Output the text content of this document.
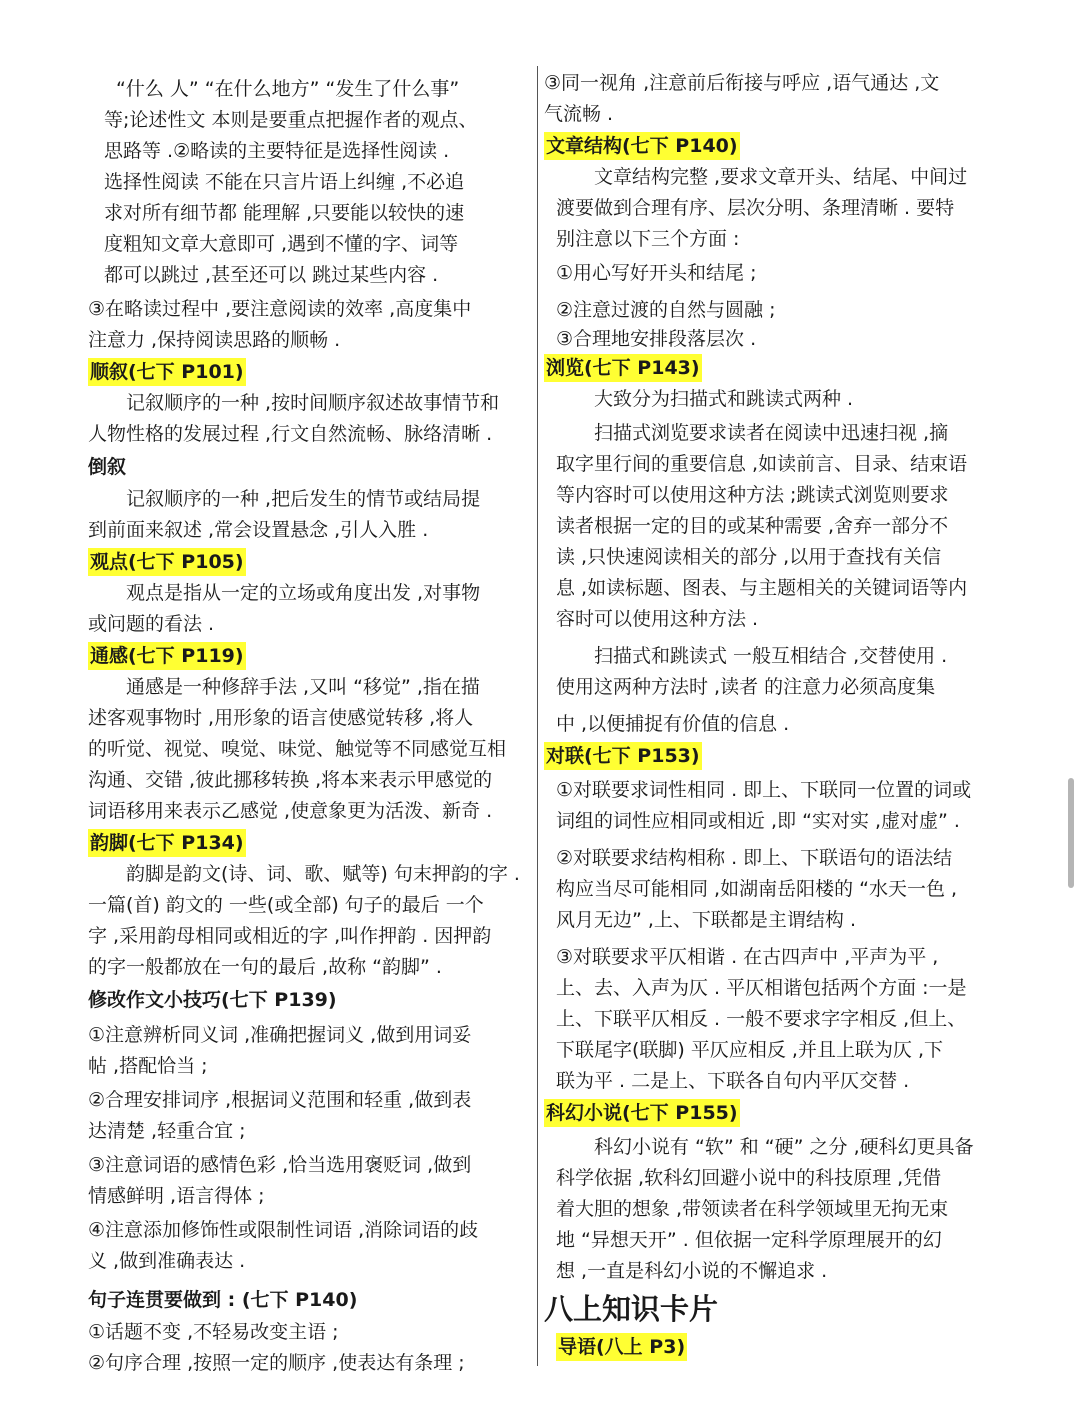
“什么 人” “在什么地方” “发生了什么事”

等;论述性文 本则是要重点把握作者的观点、

思路等 .②略读的主要特征是选择性阅读 .

选择性阅读 不能在只言片语上纠缠 ,不必追

求对所有细节都 能理解 ,只要能以较快的速

度粗知文章大意即可 ,遇到不懂的字、词等

都可以跳过 ,甚至还可以 跳过某些内容 .

③在略读过程中 ,要注意阅读的效率 ,高度集中

注意力 ,保持阅读思路的顺畅 .

顺叙(七下 P101)

记叙顺序的一种 ,按时间顺序叙述故事情节和

人物性格的发展过程 ,行文自然流畅、脉络清晰 .

倒叙

记叙顺序的一种 ,把后发生的情节或结局提

到前面来叙述 ,常会设置悬念 ,引人入胜 .

观点(七下 P105)

观点是指从一定的立场或角度出发 ,对事物

或问题的看法 .

通感(七下 P119)

通感是一种修辞手法 ,又叫 “移觉” ,指在描

述客观事物时 ,用形象的语言使感觉转移 ,将人

的听觉、视觉、嗅觉、味觉、触觉等不同感觉互相

沟通、交错 ,彼此挪移转换 ,将本来表示甲感觉的

词语移用来表示乙感觉 ,使意象更为活泼、新奇 .

韵脚(七下 P134)

韵脚是韵文(诗、词、歌、赋等) 句末押韵的字 .

一篇(首) 韵文的 一些(或全部) 句子的最后 一个

字 ,采用韵母相同或相近的字 ,叫作押韵 . 因押韵

的字一般都放在一句的最后 ,故称 “韵脚” .

修改作文小技巧(七下 P139)

①注意辨析同义词 ,准确把握词义 ,做到用词妥

帖 ,搭配恰当 ;

②合理安排词序 ,根据词义范围和轻重 ,做到表

达清楚 ,轻重合宜 ;

③注意词语的感情色彩 ,恰当选用褒贬词 ,做到

情感鲜明 ,语言得体 ;

④注意添加修饰性或限制性词语 ,消除词语的歧

义 ,做到准确表达 .

句子连贯要做到 : (七下 P140)

①话题不变 ,不轻易改变主语 ;

②句序合理 ,按照一定的顺序 ,使表达有条理 ;

③同一视角 ,注意前后衔接与呼应 ,语气通达 ,文

气流畅 .

文章结构(七下 P140)

文章结构完整 ,要求文章开头、结尾、中间过

渡要做到合理有序、层次分明、条理清晰 . 要特

别注意以下三个方面 :

①用心写好开头和结尾 ;

②注意过渡的自然与圆融 ;

③合理地安排段落层次 .

浏览(七下 P143)

大致分为扫描式和跳读式两种 .

扫描式浏览要求读者在阅读中迅速扫视 ,摘

取字里行间的重要信息 ,如读前言、目录、结束语

等内容时可以使用这种方法 ;跳读式浏览则要求

读者根据一定的目的或某种需要 ,舍弃一部分不

读 ,只快速阅读相关的部分 ,以用于查找有关信

息 ,如读标题、图表、与主题相关的关键词语等内

容时可以使用这种方法 .

扫描式和跳读式 一般互相结合 ,交替使用 .

使用这两种方法时 ,读者 的注意力必须高度集

中 ,以便捕捉有价值的信息 .

对联(七下 P153)

①对联要求词性相同 . 即上、下联同一位置的词或

词组的词性应相同或相近 ,即 “实对实 ,虚对虚” .

②对联要求结构相称 . 即上、下联语句的语法结

构应当尽可能相同 ,如湖南岳阳楼的 “水天一色 ,

风月无边” ,上、下联都是主谓结构 .

③对联要求平仄相谐 . 在古四声中 ,平声为平 ,

上、去、入声为仄 . 平仄相谐包括两个方面 :一是

上、下联平仄相反 . 一般不要求字字相反 ,但上、

下联尾字(联脚) 平仄应相反 ,并且上联为仄 ,下

联为平 . 二是上、下联各自句内平仄交替 .

科幻小说(七下 P155)

科幻小说有 “软” 和 “硬” 之分 ,硬科幻更具备

科学依据 ,软科幻回避小说中的科技原理 ,凭借

着大胆的想象 ,带领读者在科学领域里无拘无束

地 “异想天开” . 但依据一定科学原理展开的幻

想 ,一直是科幻小说的不懈追求 .

八上知识卡片
导语(八上 P3)
